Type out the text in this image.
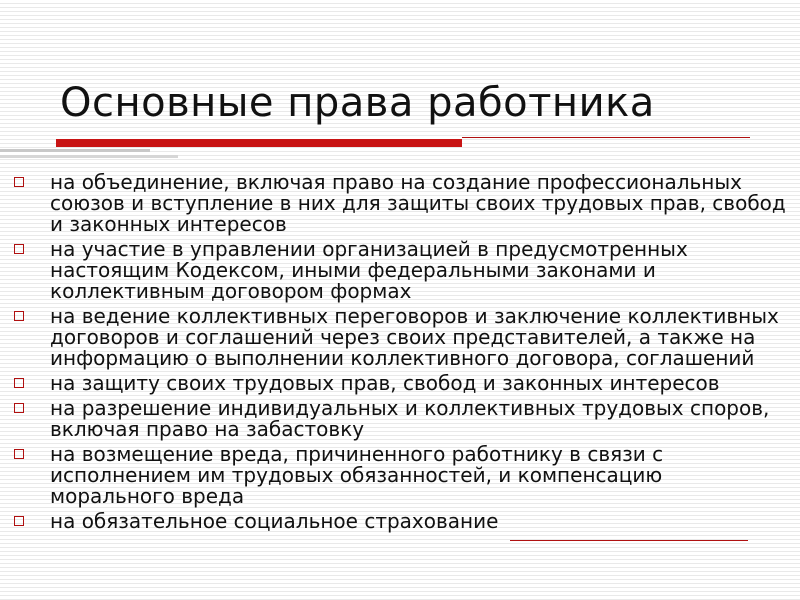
Основные права работника
на объединение, включая право на создание профессиональных союзов и вступление в них для защиты своих трудовых прав, свобод и законных интересов
на участие в управлении организацией в предусмотренных настоящим Кодексом, иными федеральными законами и коллективным договором формах
на ведение коллективных переговоров и заключение коллективных договоров и соглашений через своих представителей, а также на информацию о выполнении коллективного договора, соглашений
на защиту своих трудовых прав, свобод и законных интересов
на разрешение индивидуальных и коллективных трудовых споров, включая право на забастовку
на возмещение вреда, причиненного работнику в связи с исполнением им трудовых обязанностей, и компенсацию морального вреда
на обязательное социальное страхование
